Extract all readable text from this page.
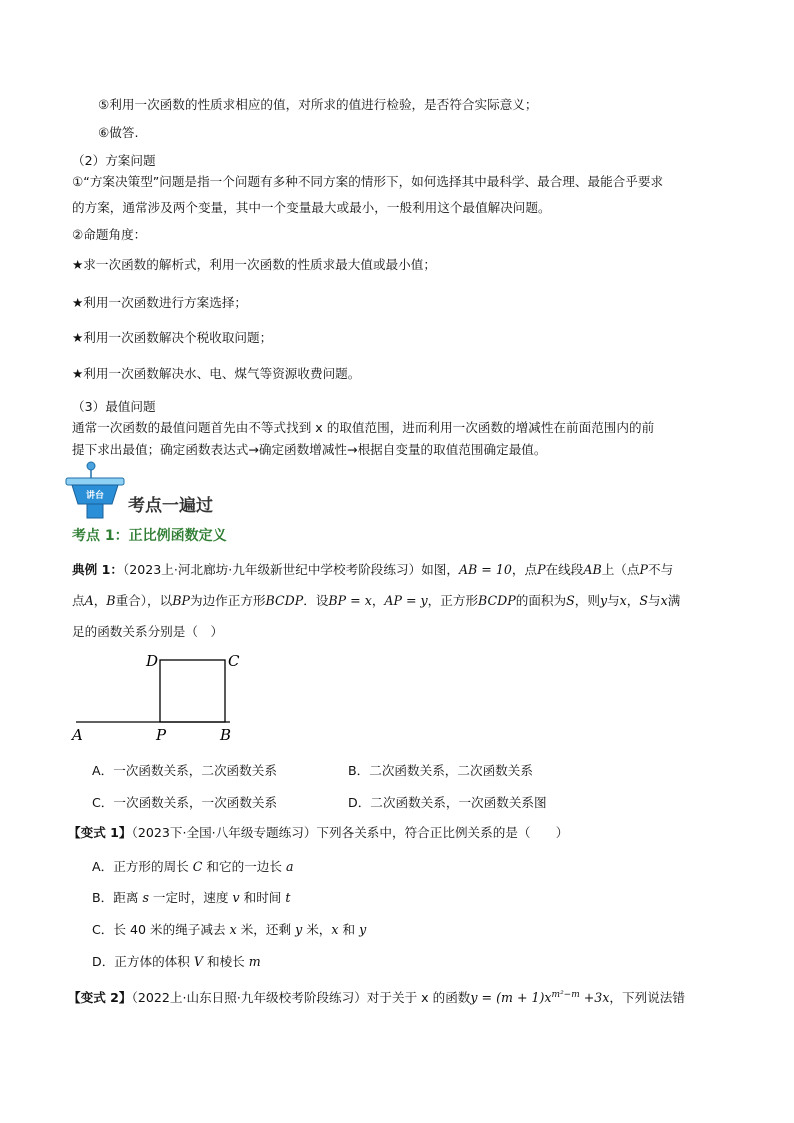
⑤利用一次函数的性质求相应的值，对所求的值进行检验，是否符合实际意义；
⑥做答.
（2）方案问题
①“方案决策型”问题是指一个问题有多种不同方案的情形下，如何选择其中最科学、最合理、最能合乎要求
的方案，通常涉及两个变量，其中一个变量最大或最小，一般利用这个最值解决问题。
②命题角度：
★求一次函数的解析式，利用一次函数的性质求最大值或最小值；
★利用一次函数进行方案选择；
★利用一次函数解决个税收取问题；
★利用一次函数解决水、电、煤气等资源收费问题。
（3）最值问题
通常一次函数的最值问题首先由不等式找到 x 的取值范围，进而利用一次函数的增减性在前面范围内的前
提下求出最值；确定函数表达式→确定函数增减性→根据自变量的取值范围确定最值。
讲台 考点一遍过
考点 1：正比例函数定义
典例 1：（2023上·河北廊坊·九年级新世纪中学校考阶段练习）如图，AB = 10，点P在线段AB上（点P不与
点A，B重合），以BP为边作正方形BCDP．设BP = x，AP = y，正方形BCDP的面积为S，则y与x，S与x满
足的函数关系分别是（　）
D	C
A	P	B
A．一次函数关系，二次函数关系	B．二次函数关系，二次函数关系
C．一次函数关系，一次函数关系	D．二次函数关系，一次函数关系图
【变式 1】（2023下·全国·八年级专题练习）下列各关系中，符合正比例关系的是（　　）
A．正方形的周长 C 和它的一边长 a
B．距离 s 一定时，速度 v 和时间 t
C．长 40 米的绳子减去 x 米，还剩 y 米，x 和 y
D．正方体的体积 V 和棱长 m
【变式 2】（2022上·山东日照·九年级校考阶段练习）对于关于 x 的函数$y = (m + 1)x^{m^2-m} +3x$，下列说法错
